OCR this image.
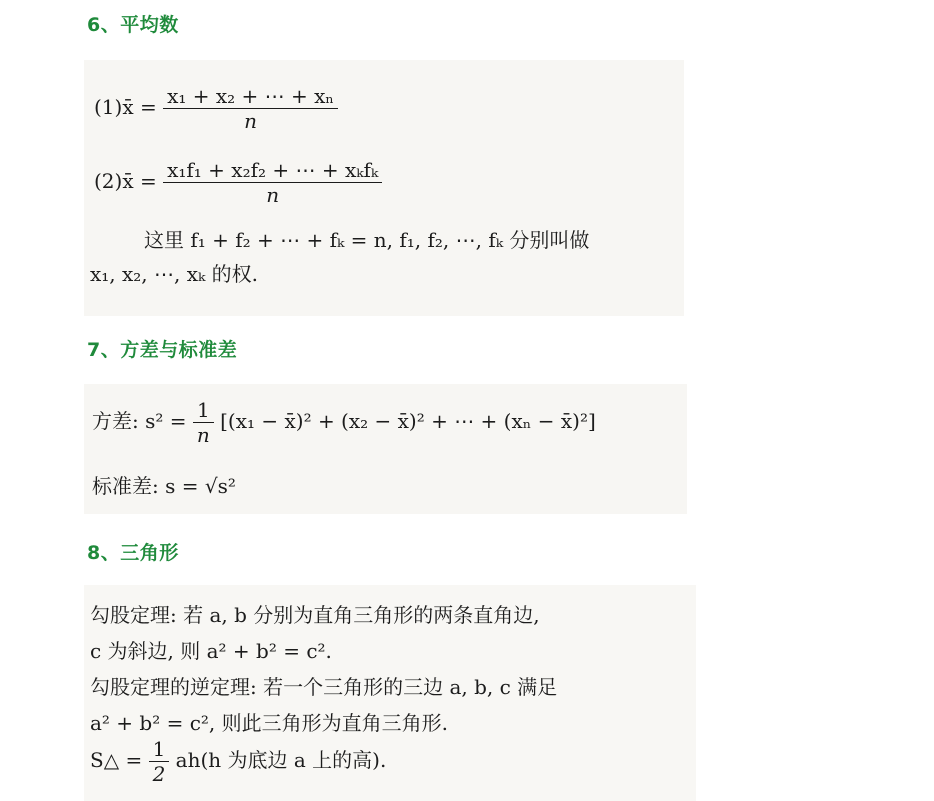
6、平均数
(1)x̄ = $\frac{\text{x₁ + x₂ + ⋯ + xₙ}}{n}$
(2)x̄ = $\frac{\text{x₁f₁ + x₂f₂ + ⋯ + xₖfₖ}}{n}$
这里 f₁ + f₂ + ⋯ + fₖ = n, f₁, f₂, ⋯, fₖ 分别叫做
x₁, x₂, ⋯, xₖ 的权.
7、方差与标准差
方差: $s^2 = \frac{1}{n} [(x_1$ − x̄)² + (x₂ − x̄)² + ⋯ + (xₙ − x̄)²]
标准差: s = √s²
8、三角形
勾股定理: 若 a, b 分别为直角三角形的两条直角边,
c 为斜边, 则 a² + b² = c².
勾股定理的逆定理: 若一个三角形的三边 a, b, c 满足
a² + b² = c², 则此三角形为直角三角形.
S△ = $\frac{1}{2} ah(h$ 为底边 a 上的高).
